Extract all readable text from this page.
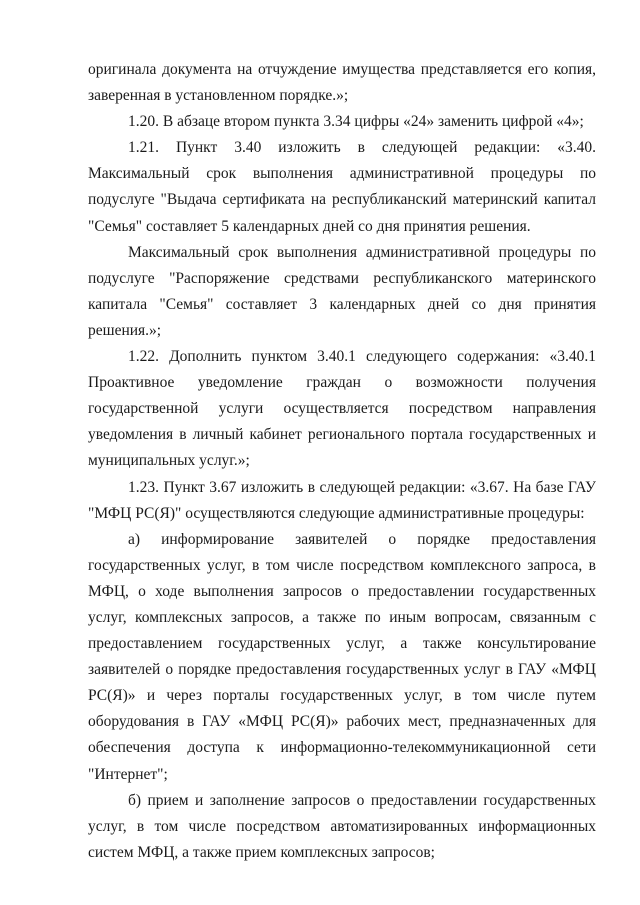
оригинала документа на отчуждение имущества представляется его копия, заверенная в установленном порядке.»;

1.20. В абзаце втором пункта 3.34 цифры «24» заменить цифрой «4»;

1.21. Пункт 3.40 изложить в следующей редакции: «3.40. Максимальный срок выполнения административной процедуры по подуслуге "Выдача сертификата на республиканский материнский капитал "Семья" составляет 5 календарных дней со дня принятия решения.

Максимальный срок выполнения административной процедуры по подуслуге "Распоряжение средствами республиканского материнского капитала "Семья" составляет 3 календарных дней со дня принятия решения.»;

1.22. Дополнить пунктом 3.40.1 следующего содержания: «3.40.1 Проактивное уведомление граждан о возможности получения государственной услуги осуществляется посредством направления уведомления в личный кабинет регионального портала государственных и муниципальных услуг.»;

1.23. Пункт 3.67 изложить в следующей редакции: «3.67. На базе ГАУ "МФЦ РС(Я)" осуществляются следующие административные процедуры:

а) информирование заявителей о порядке предоставления государственных услуг, в том числе посредством комплексного запроса, в МФЦ, о ходе выполнения запросов о предоставлении государственных услуг, комплексных запросов, а также по иным вопросам, связанным с предоставлением государственных услуг, а также консультирование заявителей о порядке предоставления государственных услуг в ГАУ «МФЦ РС(Я)» и через порталы государственных услуг, в том числе путем оборудования в ГАУ «МФЦ РС(Я)» рабочих мест, предназначенных для обеспечения доступа к информационно-телекоммуникационной сети "Интернет";

б) прием и заполнение запросов о предоставлении государственных услуг, в том числе посредством автоматизированных информационных систем МФЦ, а также прием комплексных запросов;
